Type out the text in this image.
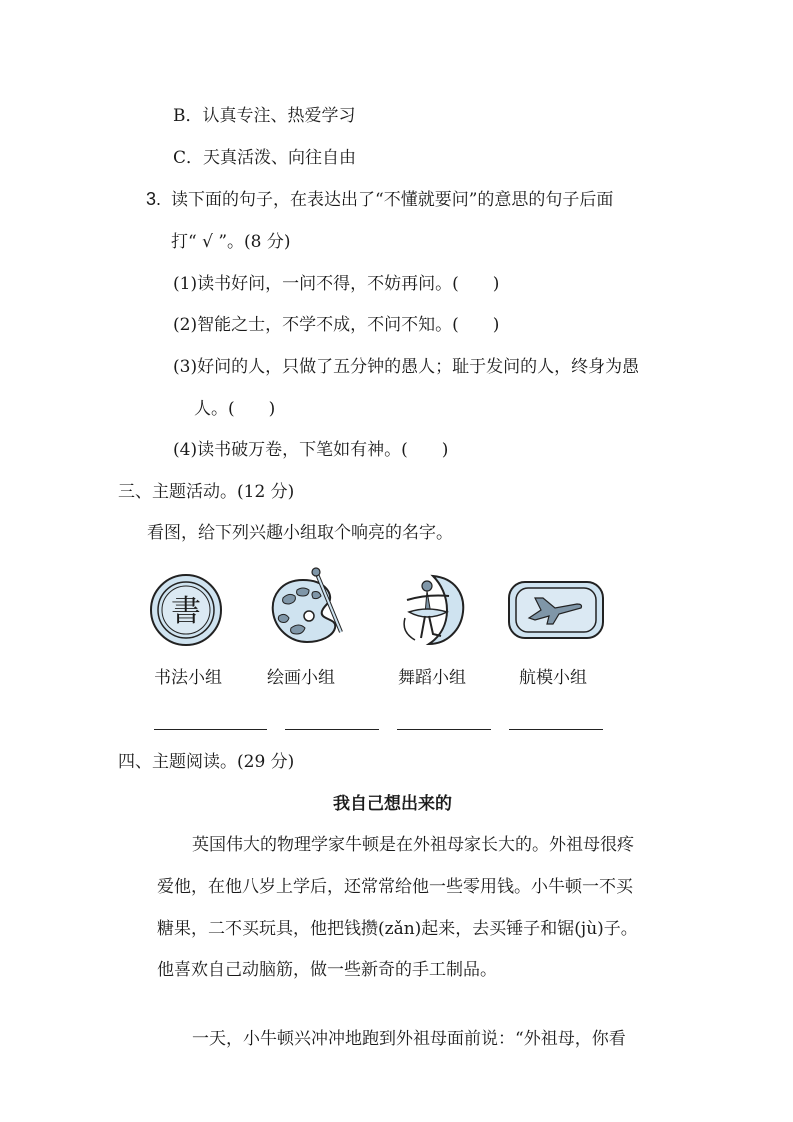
B．认真专注、热爱学习
C．天真活泼、向往自由
3. 读下面的句子，在表达出了“不懂就要问”的意思的句子后面
打“ √ ”。(8 分)
(1)读书好问，一问不得，不妨再问。(　　)
(2)智能之士，不学不成，不问不知。(　　)
(3)好问的人，只做了五分钟的愚人；耻于发问的人，终身为愚
人。(　　)
(4)读书破万卷，下笔如有神。(　　)
三、主题活动。(12 分)
看图，给下列兴趣小组取个响亮的名字。
書
书法小组	绘画小组	舞蹈小组	航模小组
四、主题阅读。(29 分)
我自己想出来的
英国伟大的物理学家牛顿是在外祖母家长大的。外祖母很疼
爱他，在他八岁上学后，还常常给他一些零用钱。小牛顿一不买
糖果，二不买玩具，他把钱攒(zǎn)起来，去买锤子和锯(jù)子。
他喜欢自己动脑筋，做一些新奇的手工制品。
一天，小牛顿兴冲冲地跑到外祖母面前说：“外祖母，你看
